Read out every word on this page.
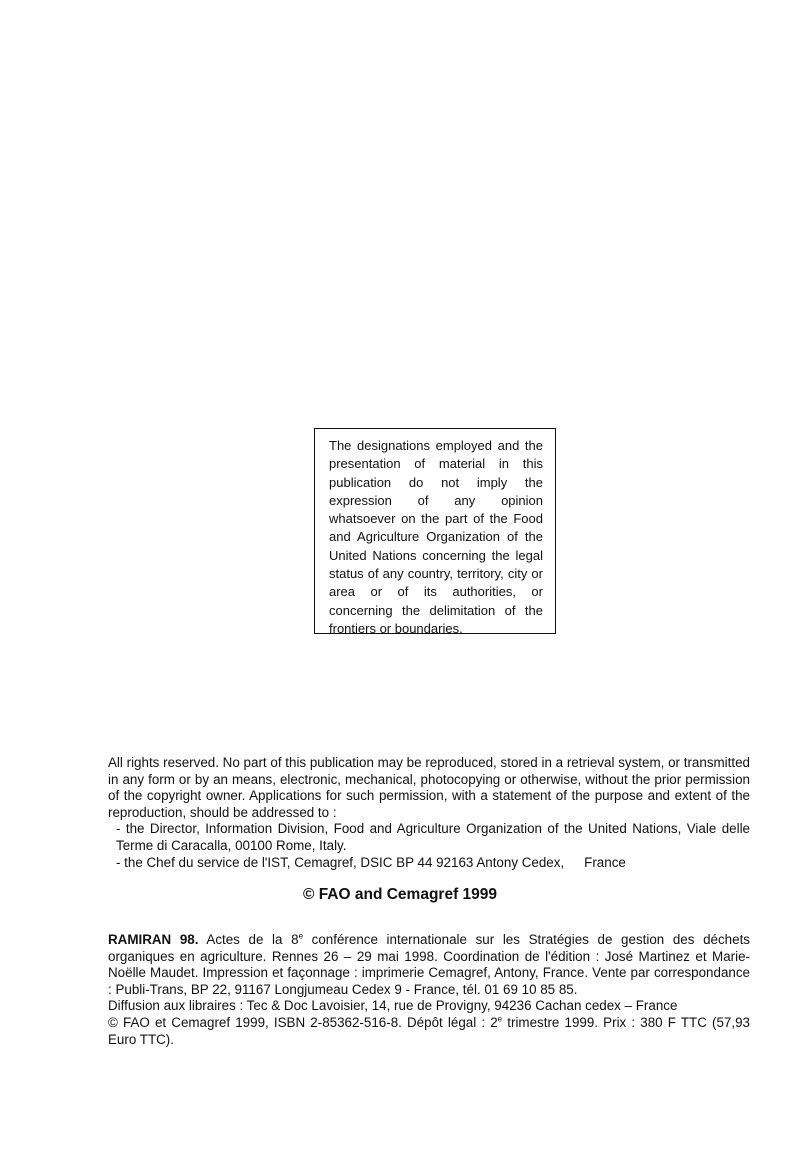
The designations employed and the presentation of material in this publication do not imply the expression of any opinion whatsoever on the part of the Food and Agriculture Organization of the United Nations concerning the legal status of any country, territory, city or area or of its authorities, or concerning the delimitation of the frontiers or boundaries.

All rights reserved. No part of this publication may be reproduced, stored in a retrieval system, or transmitted in any form or by an means, electronic, mechanical, photocopying or otherwise, without the prior permission of the copyright owner. Applications for such permission, with a statement of the purpose and extent of the reproduction, should be addressed to :

- the Director, Information Division, Food and Agriculture Organization of the United Nations, Viale delle Terme di Caracalla, 00100 Rome, Italy.

- the Chef du service de l'IST, Cemagref, DSIC BP 44 92163 Antony Cedex, France
© FAO and Cemagref 1999

RAMIRAN 98. Actes de la 8e conférence internationale sur les Stratégies de gestion des déchets organiques en agriculture. Rennes 26 – 29 mai 1998. Coordination de l'édition : José Martinez et Marie-Noëlle Maudet. Impression et façonnage : imprimerie Cemagref, Antony, France. Vente par correspondance : Publi-Trans, BP 22, 91167 Longjumeau Cedex 9 - France, tél. 01 69 10 85 85.

Diffusion aux libraires : Tec & Doc Lavoisier, 14, rue de Provigny, 94236 Cachan cedex – France

© FAO et Cemagref 1999, ISBN 2-85362-516-8. Dépôt légal : 2e trimestre 1999. Prix : 380 F TTC (57,93 Euro TTC).
